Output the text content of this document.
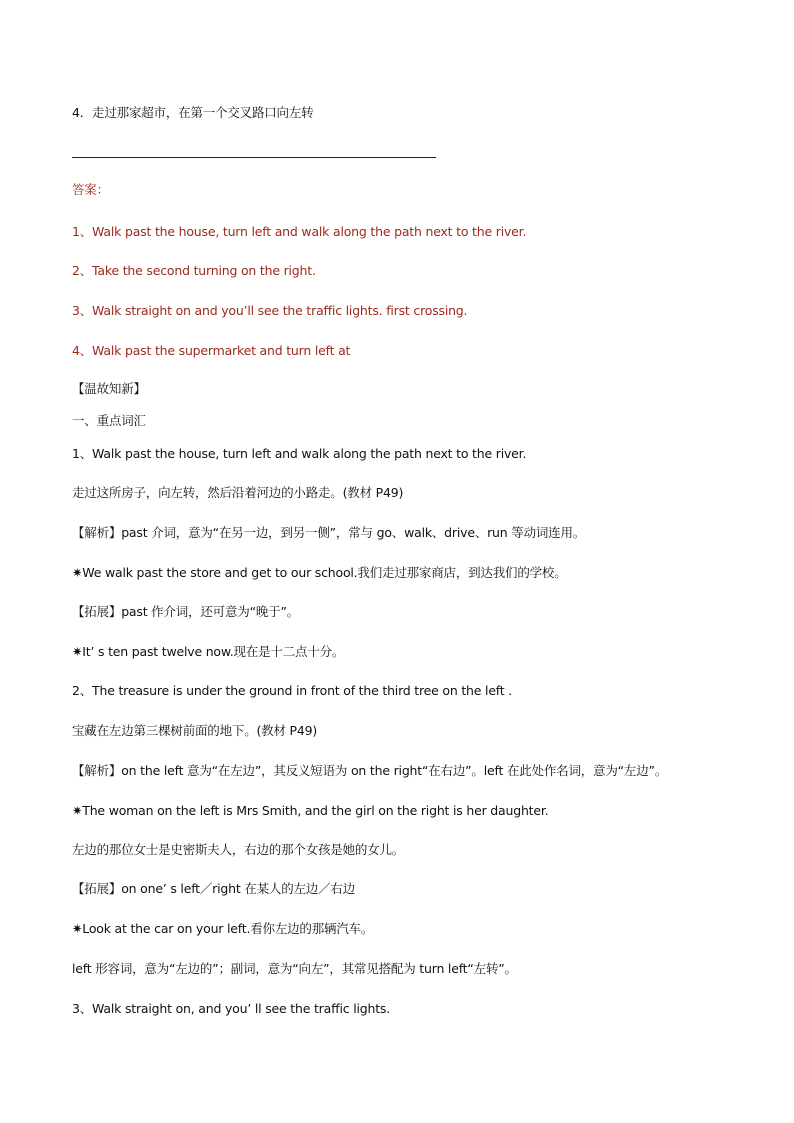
4．走过那家超市，在第一个交叉路口向左转
答案：
1、Walk past the house, turn left and walk along the path next to the river.
2、Take the second turning on the right.
3、Walk straight on and you’ll see the traffic lights. first crossing.
4、Walk past the supermarket and turn left at
【温故知新】
一、重点词汇
1、Walk past the house, turn left and walk along the path next to the river.
走过这所房子，向左转，然后沿着河边的小路走。(教材 P49)
【解析】past 介词，意为“在另一边，到另一侧”，常与 go、walk、drive、run 等动词连用。
✷We walk past the store and get to our school.我们走过那家商店，到达我们的学校。
【拓展】past 作介词，还可意为“晚于”。
✷It’ s ten past twelve now.现在是十二点十分。
2、The treasure is under the ground in front of the third tree on the left .
宝藏在左边第三棵树前面的地下。(教材 P49)
【解析】on the left 意为“在左边”，其反义短语为 on the right“在右边”。left 在此处作名词，意为“左边”。
✷The woman on the left is Mrs Smith, and the girl on the right is her daughter.
左边的那位女士是史密斯夫人，右边的那个女孩是她的女儿。
【拓展】on one’ s left／right 在某人的左边／右边
✷Look at the car on your left.看你左边的那辆汽车。
left 形容词，意为“左边的”；副词，意为“向左”，其常见搭配为 turn left“左转”。
3、Walk straight on, and you’ ll see the traffic lights.
